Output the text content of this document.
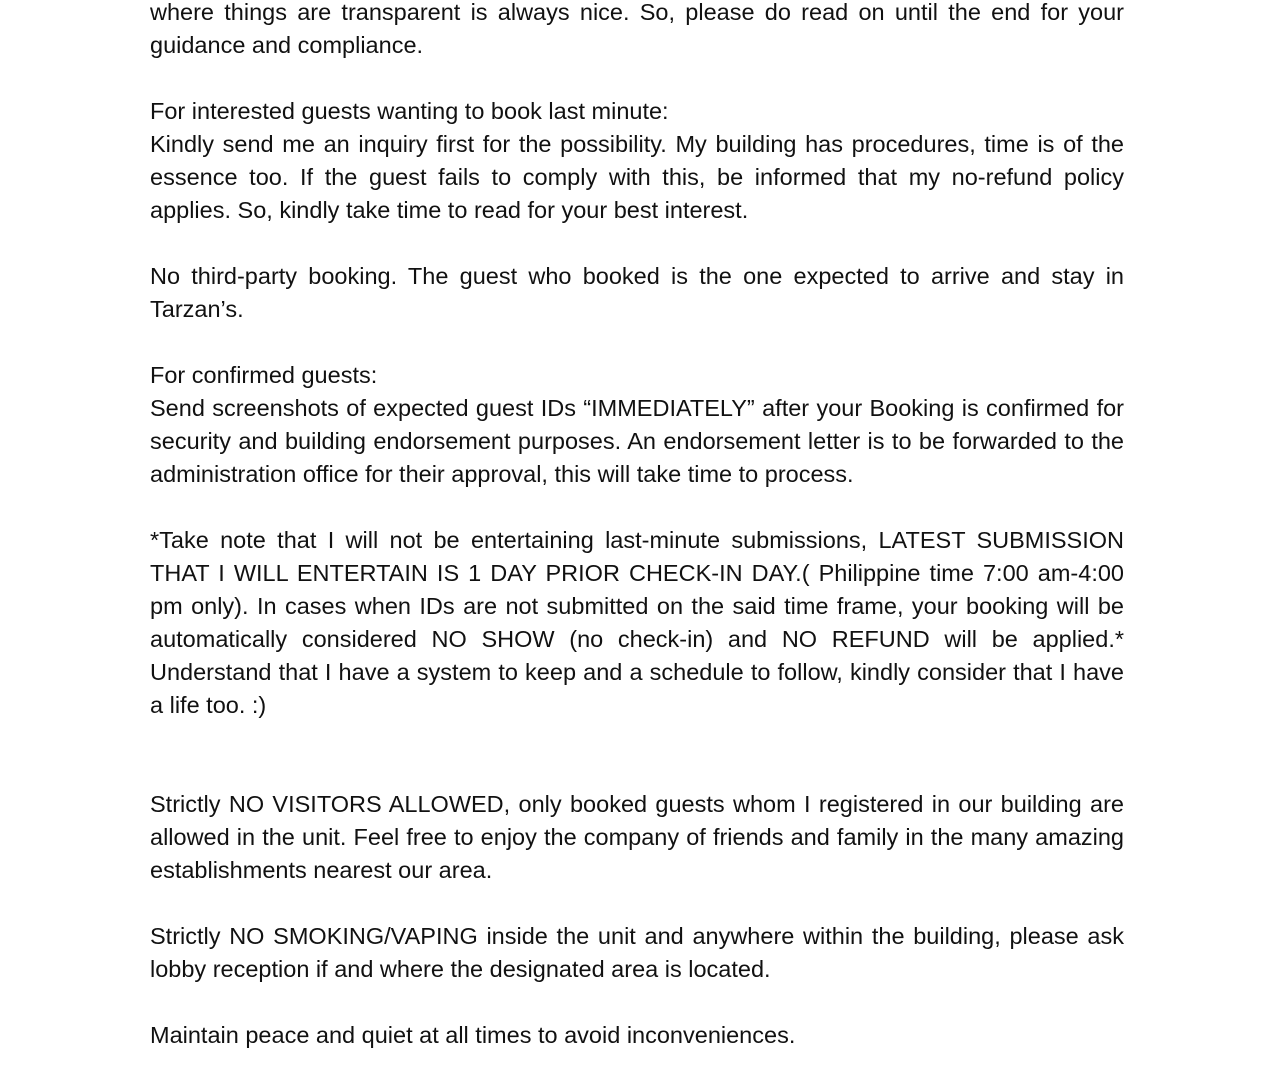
where things are transparent is always nice. So, please do read on until the end for your guidance and compliance.

For interested guests wanting to book last minute:

Kindly send me an inquiry first for the possibility. My building has procedures, time is of the essence too. If the guest fails to comply with this, be informed that my no-refund policy applies. So, kindly take time to read for your best interest.

No third-party booking. The guest who booked is the one expected to arrive and stay in Tarzan’s.

For confirmed guests:

Send screenshots of expected guest IDs “IMMEDIATELY” after your Booking is confirmed for security and building endorsement purposes. An endorsement letter is to be forwarded to the administration office for their approval, this will take time to process.

*Take note that I will not be entertaining last-minute submissions, LATEST SUBMISSION THAT I WILL ENTERTAIN IS 1 DAY PRIOR CHECK-IN DAY.( Philippine time 7:00 am-4:00 pm only). In cases when IDs are not submitted on the said time frame, your booking will be automatically considered NO SHOW (no check-in) and NO REFUND will be applied.* Understand that I have a system to keep and a schedule to follow, kindly consider that I have a life too. :)

Strictly NO VISITORS ALLOWED, only booked guests whom I registered in our building are allowed in the unit. Feel free to enjoy the company of friends and family in the many amazing establishments nearest our area.

Strictly NO SMOKING/VAPING inside the unit and anywhere within the building, please ask lobby reception if and where the designated area is located.

Maintain peace and quiet at all times to avoid inconveniences.
